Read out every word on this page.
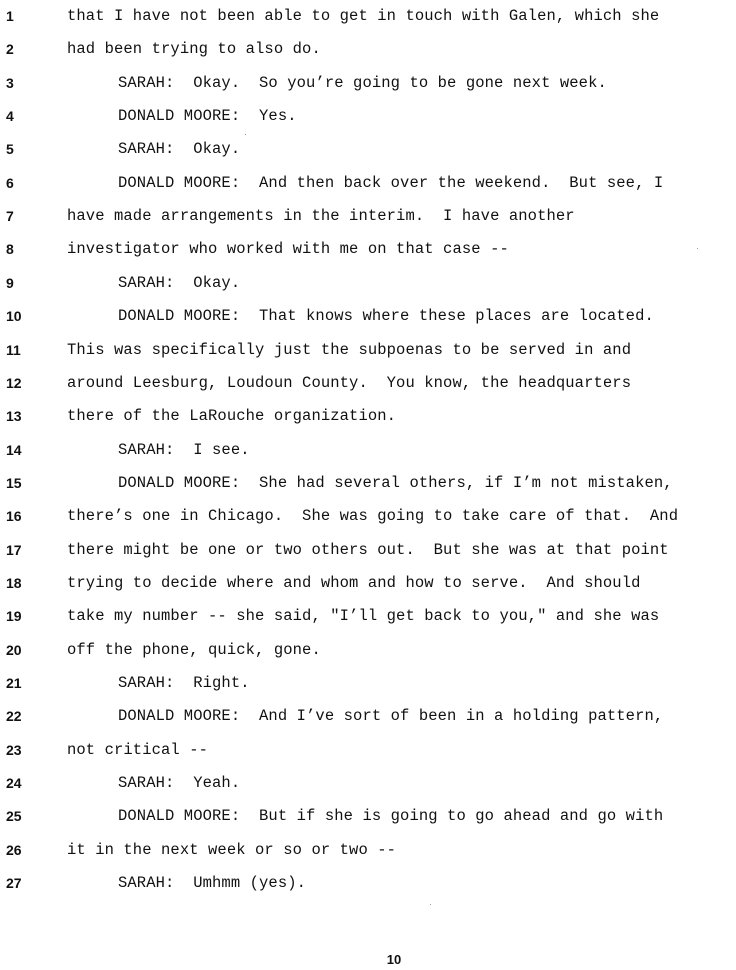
1	that I have not been able to get in touch with Galen, which she
2	had been trying to also do.
3	SARAH:  Okay.  So you’re going to be gone next week.
4	DONALD MOORE:  Yes.
5	SARAH:  Okay.
6	DONALD MOORE:  And then back over the weekend.  But see, I
7	have made arrangements in the interim.  I have another
8	investigator who worked with me on that case --
9	SARAH:  Okay.
10	DONALD MOORE:  That knows where these places are located.
11	This was specifically just the subpoenas to be served in and
12	around Leesburg, Loudoun County.  You know, the headquarters
13	there of the LaRouche organization.
14	SARAH:  I see.
15	DONALD MOORE:  She had several others, if I’m not mistaken,
16	there’s one in Chicago.  She was going to take care of that.  And
17	there might be one or two others out.  But she was at that point
18	trying to decide where and whom and how to serve.  And should
19	take my number -- she said, "I’ll get back to you," and she was
20	off the phone, quick, gone.
21	SARAH:  Right.
22	DONALD MOORE:  And I’ve sort of been in a holding pattern,
23	not critical --
24	SARAH:  Yeah.
25	DONALD MOORE:  But if she is going to go ahead and go with
26	it in the next week or so or two --
27	SARAH:  Umhmm (yes).
10
